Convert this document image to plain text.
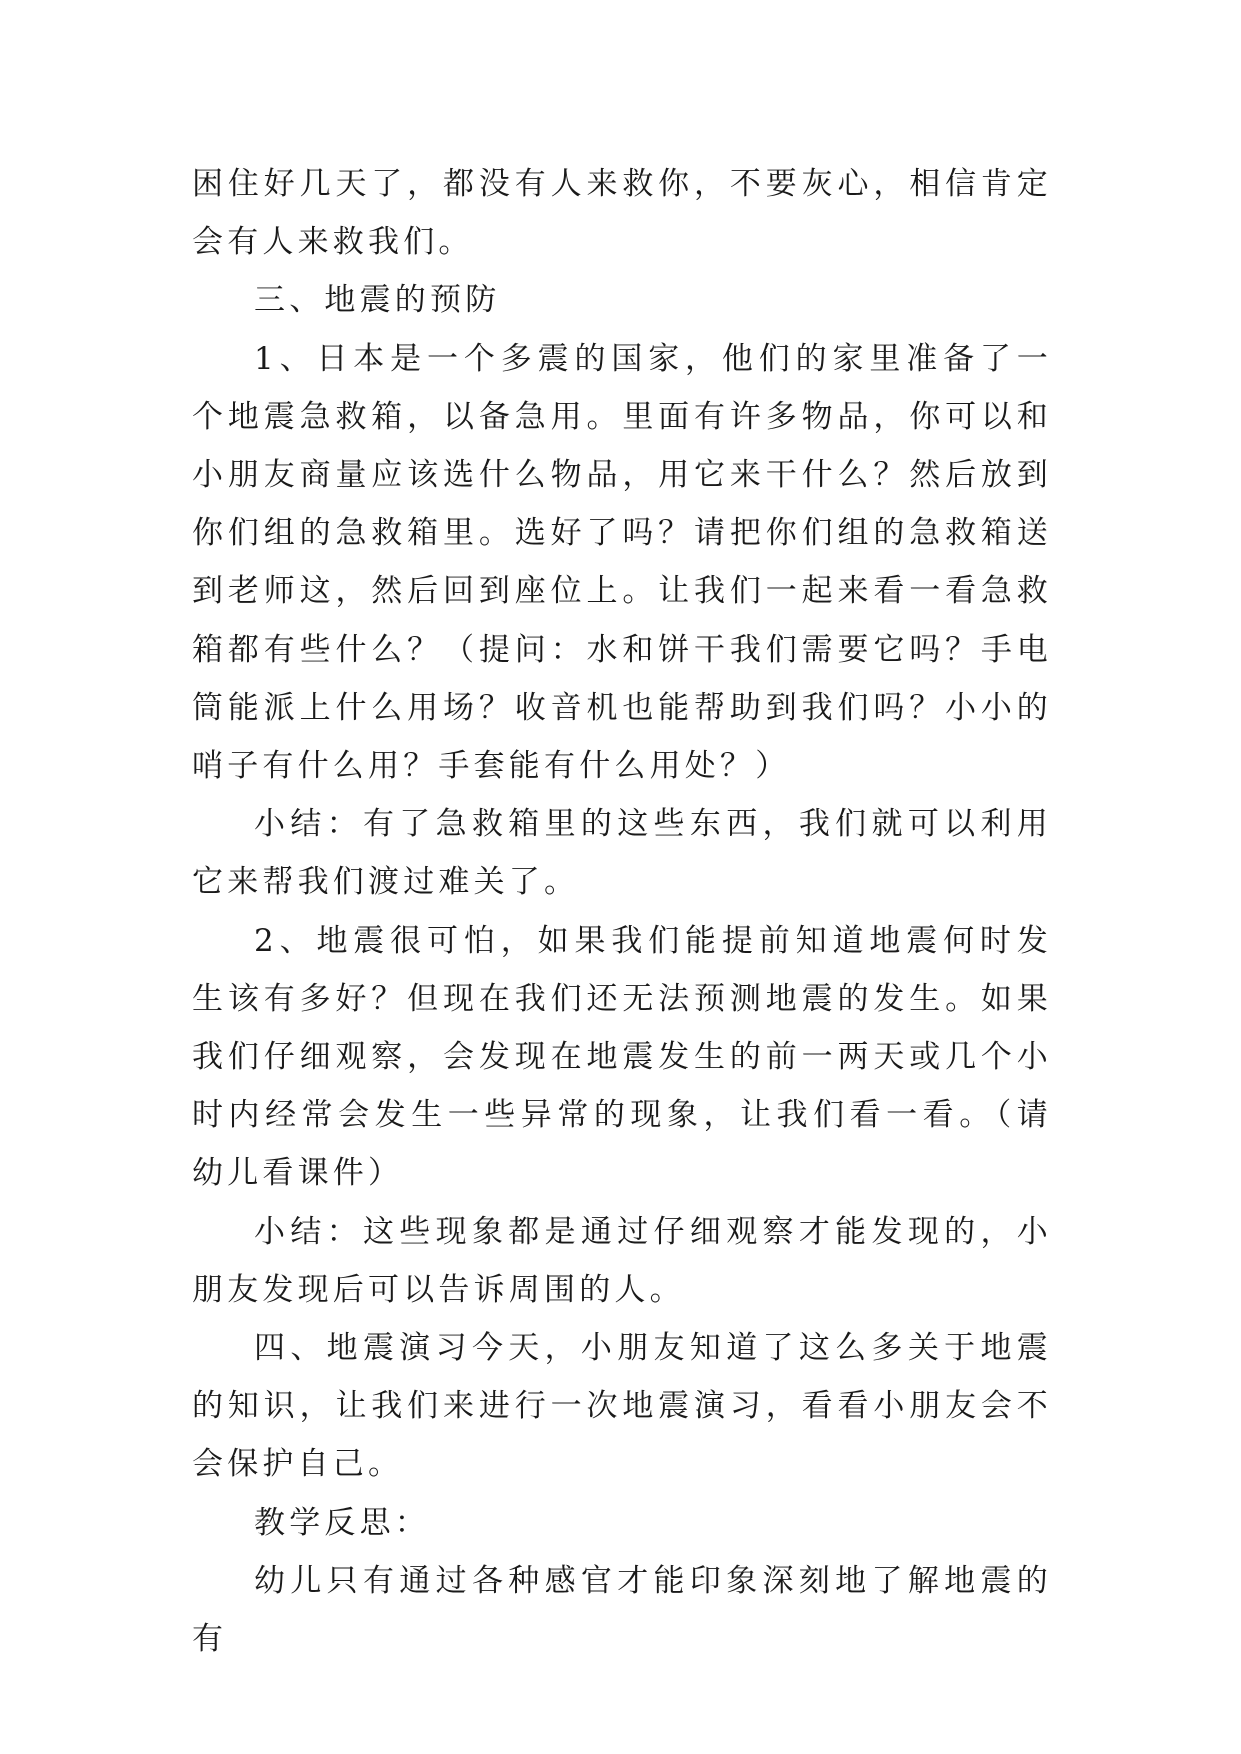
困住好几天了，都没有人来救你，不要灰心，相信肯定会有人来救我们。

三、地震的预防

1、日本是一个多震的国家，他们的家里准备了一个地震急救箱，以备急用。里面有许多物品，你可以和小朋友商量应该选什么物品，用它来干什么？然后放到你们组的急救箱里。选好了吗？请把你们组的急救箱送到老师这，然后回到座位上。让我们一起来看一看急救箱都有些什么？（提问：水和饼干我们需要它吗？手电筒能派上什么用场？收音机也能帮助到我们吗？小小的哨子有什么用？手套能有什么用处？）

小结：有了急救箱里的这些东西，我们就可以利用它来帮我们渡过难关了。

2、地震很可怕，如果我们能提前知道地震何时发生该有多好？但现在我们还无法预测地震的发生。如果我们仔细观察，会发现在地震发生的前一两天或几个小时内经常会发生一些异常的现象，让我们看一看。（请幼儿看课件）

小结：这些现象都是通过仔细观察才能发现的，小朋友发现后可以告诉周围的人。

四、地震演习今天，小朋友知道了这么多关于地震的知识，让我们来进行一次地震演习，看看小朋友会不会保护自己。

教学反思：

幼儿只有通过各种感官才能印象深刻地了解地震的有
